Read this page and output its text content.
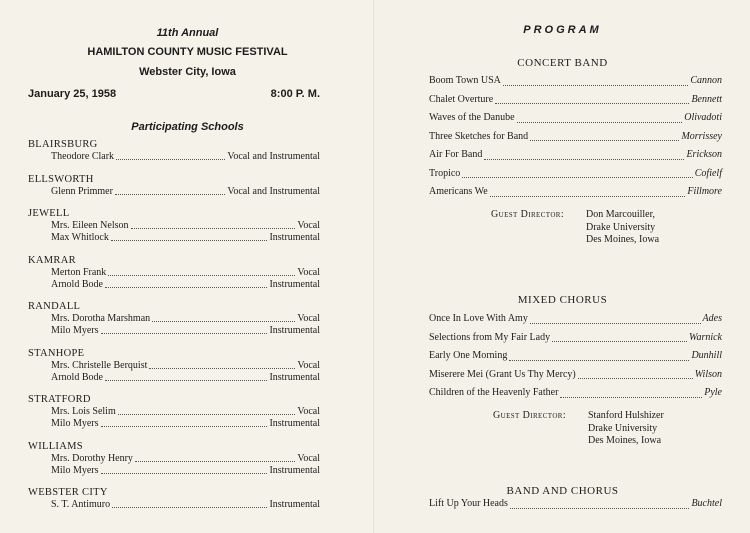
11th Annual
HAMILTON COUNTY MUSIC FESTIVAL
Webster City, Iowa
January 25, 1958	8:00 P. M.
Participating Schools
BLAIRSBURG
Theodore Clark	Vocal and Instrumental
ELLSWORTH
Glenn Primmer	Vocal and Instrumental
JEWELL
Mrs. Eileen Nelson	Vocal
Max Whitlock	Instrumental
KAMRAR
Merton Frank	Vocal
Arnold Bode	Instrumental
RANDALL
Mrs. Dorotha Marshman	Vocal
Milo Myers	Instrumental
STANHOPE
Mrs. Christelle Berquist	Vocal
Arnold Bode	Instrumental
STRATFORD
Mrs. Lois Selim	Vocal
Milo Myers	Instrumental
WILLIAMS
Mrs. Dorothy Henry	Vocal
Milo Myers	Instrumental
WEBSTER CITY
S. T. Antimuro	Instrumental
PROGRAM
CONCERT BAND
Boom Town USA	Cannon
Chalet Overture	Bennett
Waves of the Danube	Olivadoti
Three Sketches for Band	Morrissey
Air For Band	Erickson
Tropico	Cofielf
Americans We	Fillmore
Guest Director: Don Marcouiller,
Drake University
Des Moines, Iowa
MIXED CHORUS
Once In Love With Amy	Ades
Selections from My Fair Lady	Warnick
Early One Morning	Dunhill
Miserere Mei (Grant Us Thy Mercy)	Wilson
Children of the Heavenly Father	Pyle
Guest Director: Stanford Hulshizer
Drake University
Des Moines, Iowa
BAND AND CHORUS
Lift Up Your Heads	Buchtel
